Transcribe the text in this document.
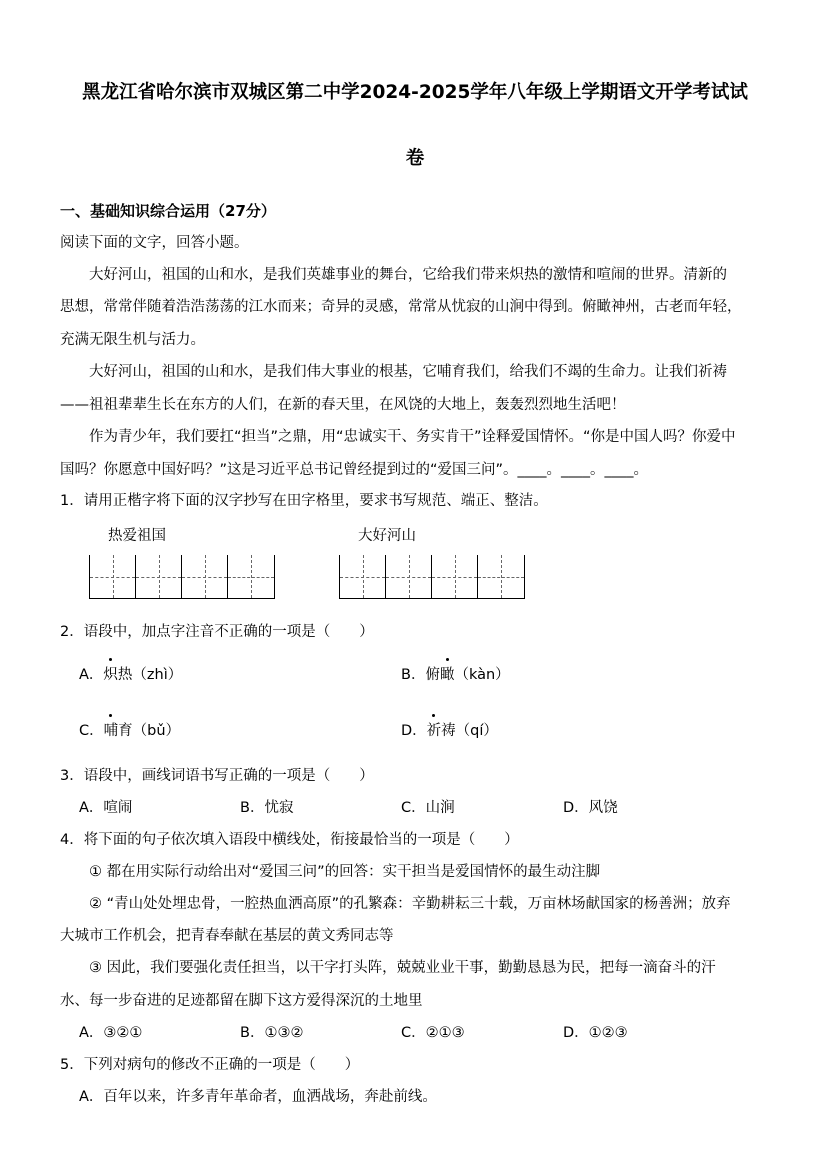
黑龙江省哈尔滨市双城区第二中学2024-2025学年八年级上学期语文开学考试试
卷
一、基础知识综合运用（27分）
阅读下面的文字，回答小题。
大好河山，祖国的山和水，是我们英雄事业的舞台，它给我们带来炽热的激情和喧闹的世界。清新的
思想，常常伴随着浩浩荡荡的江水而来；奇异的灵感，常常从忧寂的山涧中得到。俯瞰神州，古老而年轻，
充满无限生机与活力。
大好河山，祖国的山和水，是我们伟大事业的根基，它哺育我们，给我们不竭的生命力。让我们祈祷
——祖祖辈辈生长在东方的人们，在新的春天里，在风饶的大地上，轰轰烈烈地生活吧！
作为青少年，我们要扛“担当”之鼎，用“忠诚实干、务实肯干”诠释爱国情怀。“你是中国人吗？你爱中
国吗？你愿意中国好吗？”这是习近平总书记曾经提到过的“爱国三问”。____。____。____。
1．请用正楷字将下面的汉字抄写在田字格里，要求书写规范、端正、整洁。
热爱祖国	大好河山
2．语段中，加点字注音不正确的一项是（　　）
A．炽热（zhì）	B．俯瞰（kàn）
C．哺育（bǔ）	D．祈祷（qí）
3．语段中，画线词语书写正确的一项是（　　）
A．喧闹	B．忧寂	C．山涧	D．风饶
4．将下面的句子依次填入语段中横线处，衔接最恰当的一项是（　　）
① 都在用实际行动给出对“爱国三问”的回答：实干担当是爱国情怀的最生动注脚
② “青山处处埋忠骨，一腔热血洒高原”的孔繁森：辛勤耕耘三十载，万亩林场献国家的杨善洲；放弃
大城市工作机会，把青春奉献在基层的黄文秀同志等
③ 因此，我们要强化责任担当，以干字打头阵，兢兢业业干事，勤勤恳恳为民，把每一滴奋斗的汗
水、每一步奋进的足迹都留在脚下这方爱得深沉的土地里
A．③②①	B．①③②	C．②①③	D．①②③
5．下列对病句的修改不正确的一项是（　　）
A．百年以来，许多青年革命者，血洒战场，奔赴前线。
